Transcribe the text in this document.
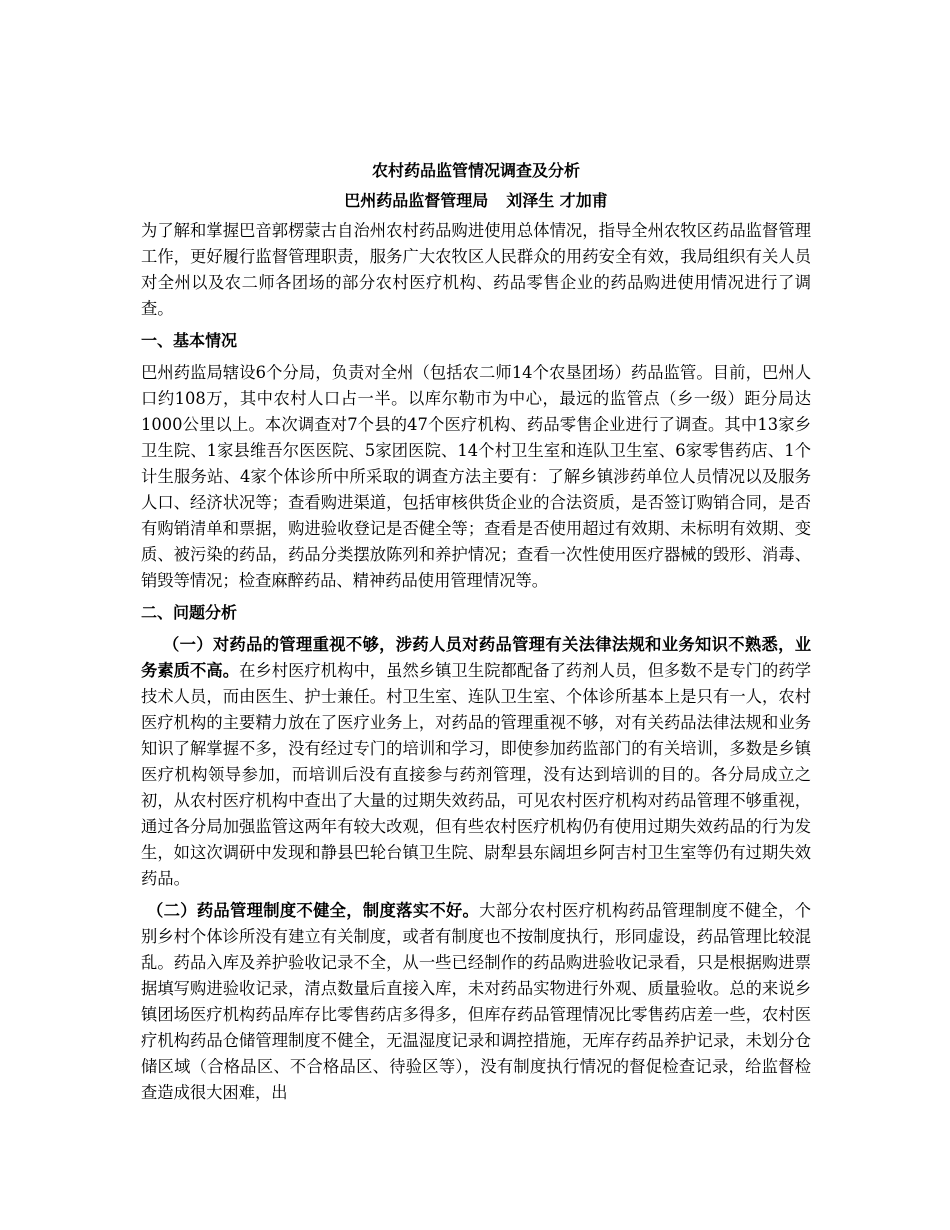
农村药品监管情况调查及分析

巴州药品监督管理局 刘泽生 才加甫

为了解和掌握巴音郭楞蒙古自治州农村药品购进使用总体情况，指导全州农牧区药品监督管理工作，更好履行监督管理职责，服务广大农牧区人民群众的用药安全有效，我局组织有关人员对全州以及农二师各团场的部分农村医疗机构、药品零售企业的药品购进使用情况进行了调查。

一、基本情况

巴州药监局辖设6个分局，负责对全州（包括农二师14个农垦团场）药品监管。目前，巴州人口约108万，其中农村人口占一半。以库尔勒市为中心，最远的监管点（乡一级）距分局达1000公里以上。本次调查对7个县的47个医疗机构、药品零售企业进行了调查。其中13家乡卫生院、1家县维吾尔医医院、5家团医院、14个村卫生室和连队卫生室、6家零售药店、1个计生服务站、4家个体诊所中所采取的调查方法主要有：了解乡镇涉药单位人员情况以及服务人口、经济状况等；查看购进渠道，包括审核供货企业的合法资质，是否签订购销合同，是否有购销清单和票据，购进验收登记是否健全等；查看是否使用超过有效期、未标明有效期、变质、被污染的药品，药品分类摆放陈列和养护情况；查看一次性使用医疗器械的毁形、消毒、销毁等情况；检查麻醉药品、精神药品使用管理情况等。

二、问题分析

（一）对药品的管理重视不够，涉药人员对药品管理有关法律法规和业务知识不熟悉，业务素质不高。在乡村医疗机构中，虽然乡镇卫生院都配备了药剂人员，但多数不是专门的药学技术人员，而由医生、护士兼任。村卫生室、连队卫生室、个体诊所基本上是只有一人，农村医疗机构的主要精力放在了医疗业务上，对药品的管理重视不够，对有关药品法律法规和业务知识了解掌握不多，没有经过专门的培训和学习，即使参加药监部门的有关培训，多数是乡镇医疗机构领导参加，而培训后没有直接参与药剂管理，没有达到培训的目的。各分局成立之初，从农村医疗机构中查出了大量的过期失效药品，可见农村医疗机构对药品管理不够重视，通过各分局加强监管这两年有较大改观，但有些农村医疗机构仍有使用过期失效药品的行为发生，如这次调研中发现和静县巴轮台镇卫生院、尉犁县东阔坦乡阿吉村卫生室等仍有过期失效药品。

（二）药品管理制度不健全，制度落实不好。大部分农村医疗机构药品管理制度不健全，个别乡村个体诊所没有建立有关制度，或者有制度也不按制度执行，形同虚设，药品管理比较混乱。药品入库及养护验收记录不全，从一些已经制作的药品购进验收记录看，只是根据购进票据填写购进验收记录，清点数量后直接入库，未对药品实物进行外观、质量验收。总的来说乡镇团场医疗机构药品库存比零售药店多得多，但库存药品管理情况比零售药店差一些，农村医疗机构药品仓储管理制度不健全，无温湿度记录和调控措施，无库存药品养护记录，未划分仓储区域（合格品区、不合格品区、待验区等），没有制度执行情况的督促检查记录，给监督检查造成很大困难，出
